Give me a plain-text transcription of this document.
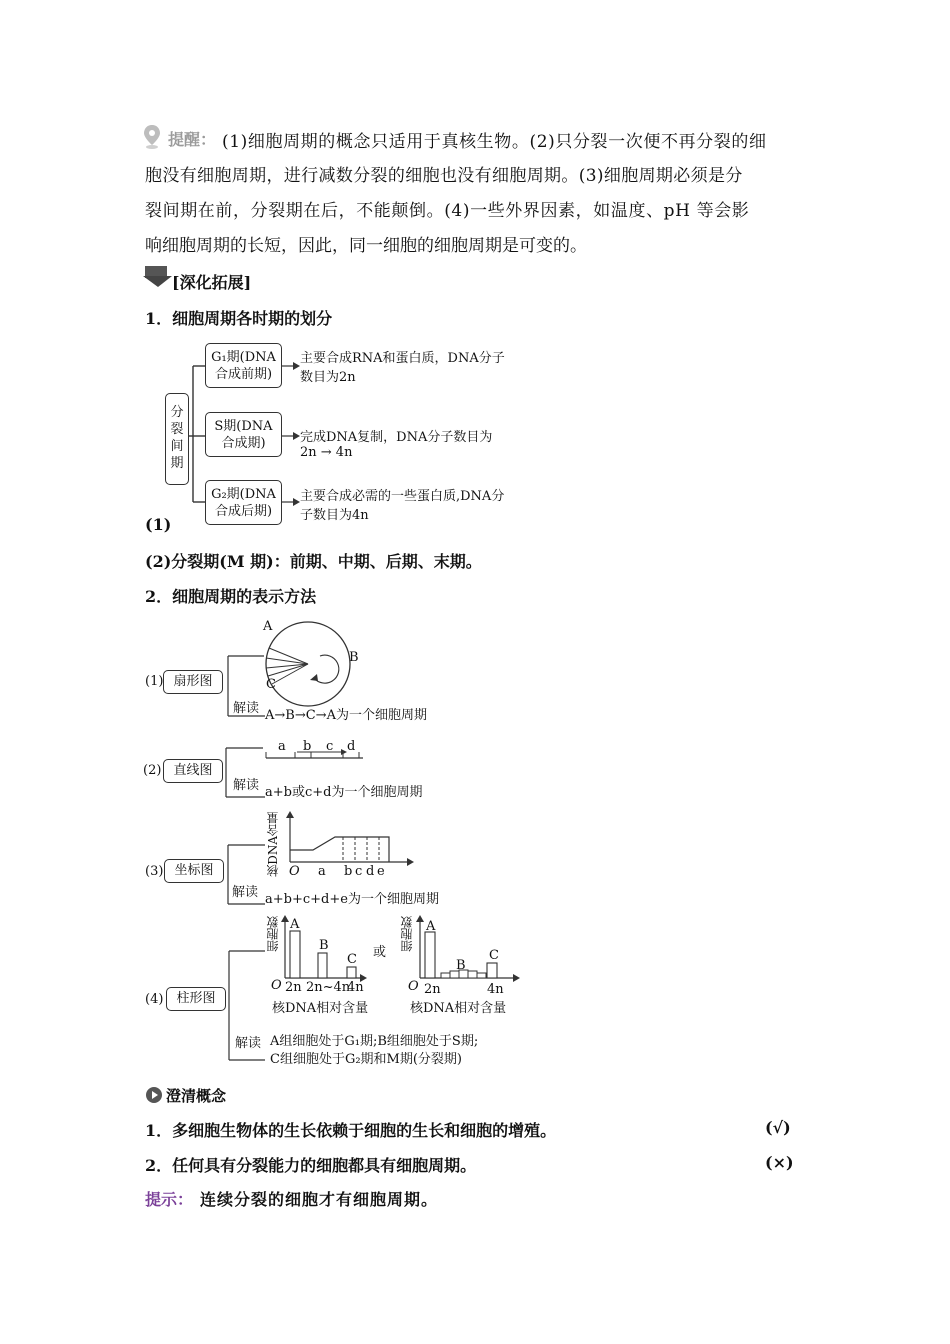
提醒： (1)细胞周期的概念只适用于真核生物。(2)只分裂一次便不再分裂的细
胞没有细胞周期，进行减数分裂的细胞也没有细胞周期。(3)细胞周期必须是分
裂间期在前，分裂期在后，不能颠倒。(4)一些外界因素，如温度、pH 等会影
响细胞周期的长短，因此，同一细胞的细胞周期是可变的。
[深化拓展]
1．细胞周期各时期的划分
分
裂
间
期
G₁期(DNA
合成前期)
S期(DNA
合成期)
G₂期(DNA
合成后期)
主要合成RNA和蛋白质，DNA分子
数目为2n
完成DNA复制，DNA分子数目为
2n → 4n
主要合成必需的一些蛋白质,DNA分
子数目为4n
(1)
(2)分裂期(M 期)：前期、中期、后期、末期。
2．细胞周期的表示方法
(1) 扇形图
A
B
C
解读 A→B→C→A为一个细胞周期
(2) 直线图
a b c d
解读 a+b或c+d为一个细胞周期
(3) 坐标图	核DNA含量 O a b c d e
解读 a+b+c+d+e为一个细胞周期
(4)	柱形图
细胞数 A
B
C
O 2n 2n~4n
4n
核DNA相对含量
或
细胞数 A
B
C
O 2n	4n
核DNA相对含量
解读 A组细胞处于G₁期;B组细胞处于S期;
C组细胞处于G₂期和M期(分裂期)
澄清概念
1．多细胞生物体的生长依赖于细胞的生长和细胞的增殖。	(√)
2．任何具有分裂能力的细胞都具有细胞周期。	(×)
提示： 连续分裂的细胞才有细胞周期。
